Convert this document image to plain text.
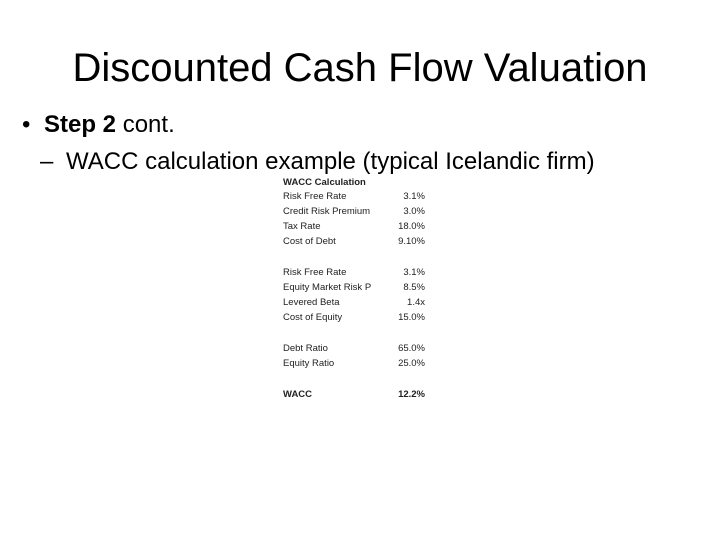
Discounted Cash Flow Valuation
• Step 2 cont.
– WACC calculation example (typical Icelandic firm)
WACC Calculation
Risk Free Rate	3.1%
Credit Risk Premium	3.0%
Tax Rate	18.0%
Cost of Debt	9.10%
Risk Free Rate	3.1%
Equity Market Risk P	8.5%
Levered Beta	1.4x
Cost of Equity	15.0%
Debt Ratio	65.0%
Equity Ratio	25.0%
WACC	12.2%
